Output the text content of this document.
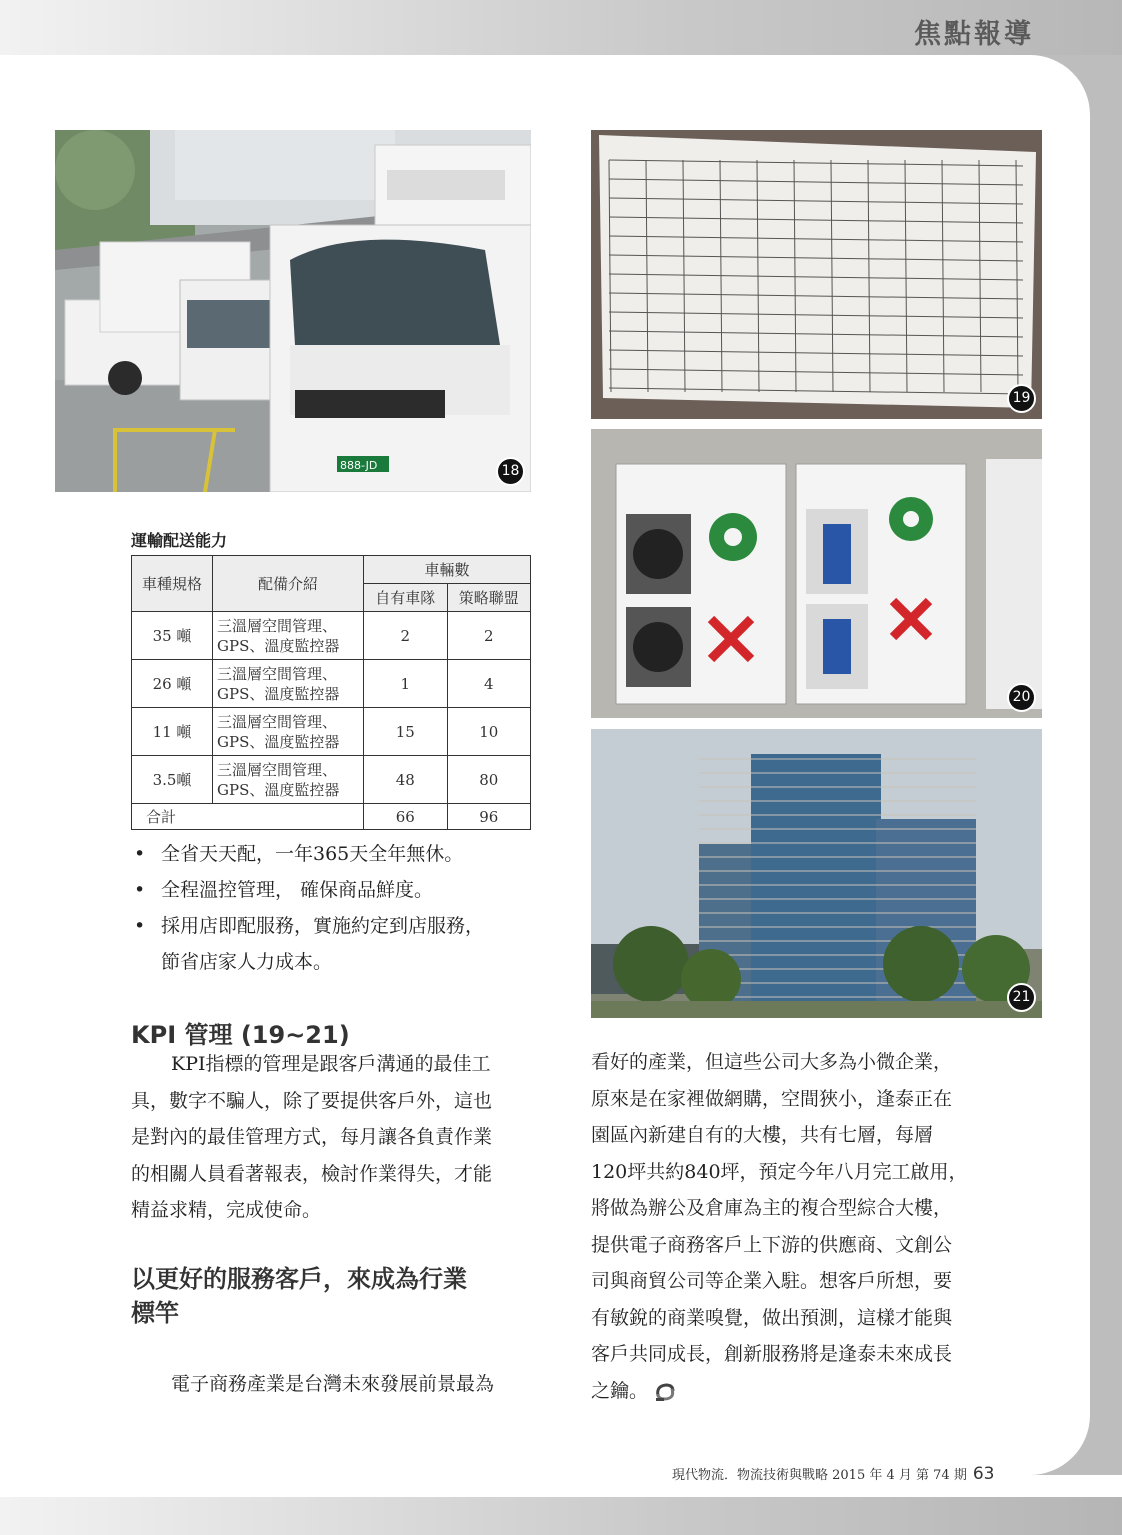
焦點報導
888-JD	18
19
20
21
運輸配送能力
車種規格	配備介紹	車輛數	
		自有車隊	策略聯盟
35 噸	三溫層空間管理、
GPS、溫度監控器	2	2
26 噸	三溫層空間管理、
GPS、溫度監控器	1	4
11 噸	三溫層空間管理、
GPS、溫度監控器	15	10
3.5噸	三溫層空間管理、
GPS、溫度監控器	48	80
合計		66	96
• 全省天天配，一年365天全年無休。
• 全程溫控管理， 確保商品鮮度。
• 採用店即配服務，實施約定到店服務，
節省店家人力成本。
KPI 管理 (19~21)
KPI指標的管理是跟客戶溝通的最佳工
具，數字不騙人，除了要提供客戶外，這也
是對內的最佳管理方式，每月讓各負責作業
的相關人員看著報表，檢討作業得失，才能
精益求精，完成使命。
以更好的服務客戶，來成為行業
標竿
電子商務產業是台灣未來發展前景最為
看好的產業，但這些公司大多為小微企業，
原來是在家裡做網購，空間狹小，逢泰正在
園區內新建自有的大樓，共有七層，每層
120坪共約840坪，預定今年八月完工啟用，
將做為辦公及倉庫為主的複合型綜合大樓，
提供電子商務客戶上下游的供應商、文創公
司與商貿公司等企業入駐。想客戶所想，要
有敏銳的商業嗅覺，做出預測，這樣才能與
客戶共同成長，創新服務將是逢泰未來成長
之鑰。
現代物流．物流技術與戰略 2015 年 4 月 第 74 期 63
